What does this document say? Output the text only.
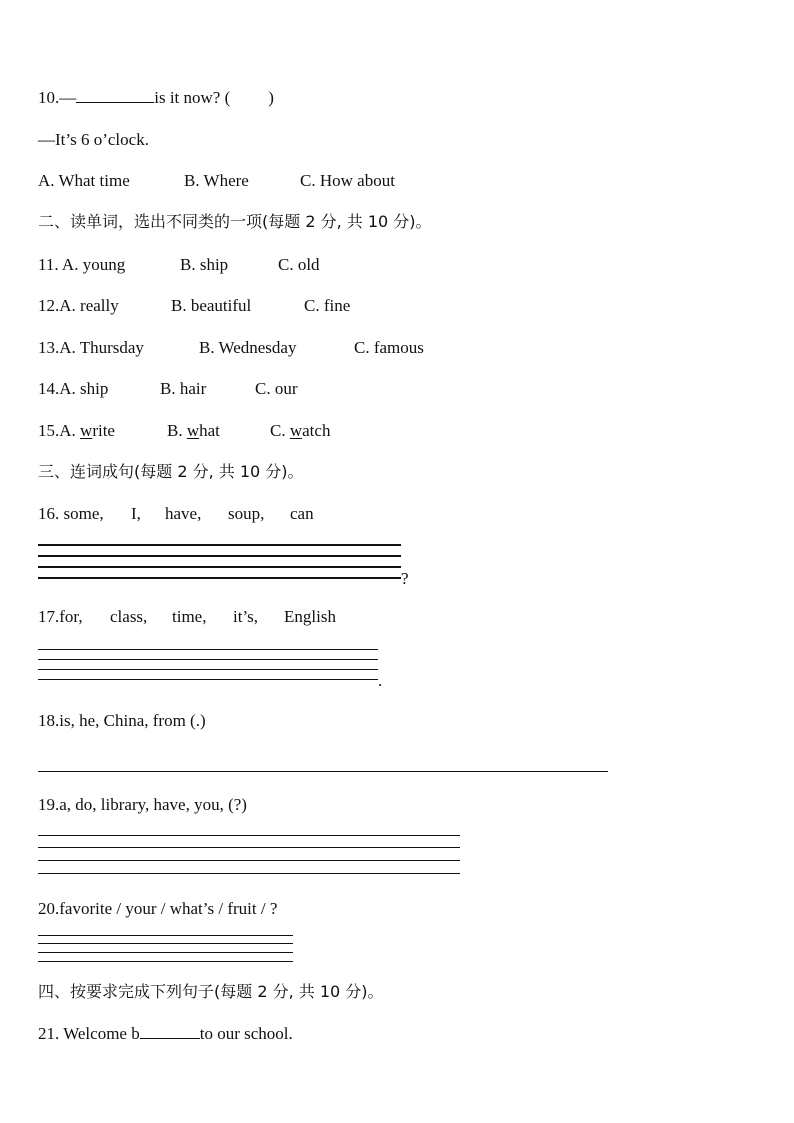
10.—	is it now? ( )
—It’s 6 o’clock.
A. What time	B. Where	C. How about
二、读单词，选出不同类的一项(每题 2 分, 共 10 分)。
11. A. young	B. ship	C. old
12.A. really	B. beautiful	C. fine
13.A. Thursday	B. Wednesday	C. famous
14.A. ship	B. hair	C. our
15.A. write	B. what	C. watch
三、连词成句(每题 2 分, 共 10 分)。
16. some, I, have, soup, can
?
17.for, class, time, it’s, English
.
18.is, he, China, from (.)
19.a, do, library, have, you, (?)
20.favorite / your / what’s / fruit / ?
四、按要求完成下列句子(每题 2 分, 共 10 分)。
21. Welcome b	to our school.
